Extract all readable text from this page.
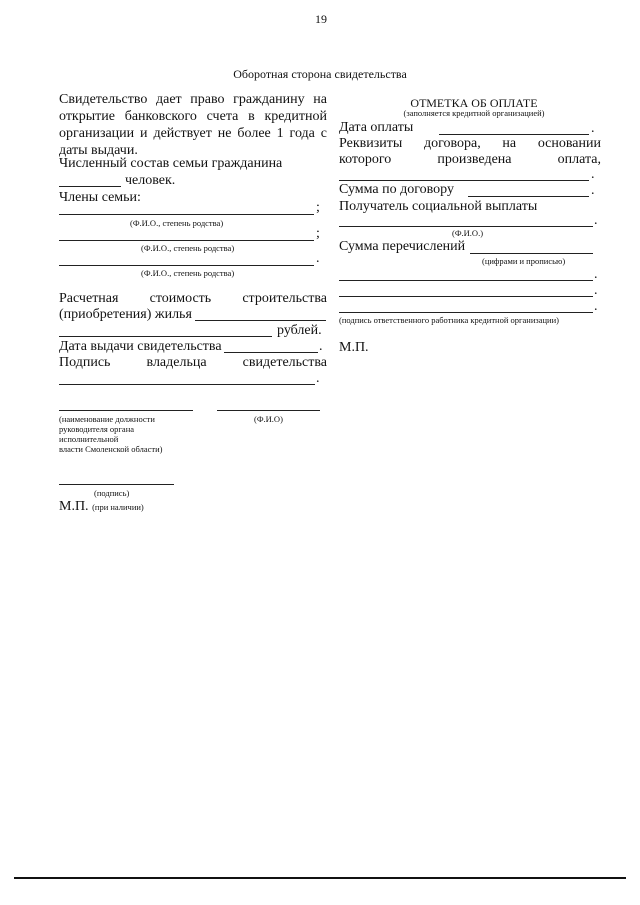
19
Оборотная сторона свидетельства
Свидетельство дает право гражданину на
открытие банковского счета в кредитной
организации и действует не более 1 года с
даты выдачи.
Численный состав семьи гражданина
человек.
Члены семьи:
;
(Ф.И.О., степень родства)
;
(Ф.И.О., степень родства)
.
(Ф.И.О., степень родства)
Расчетная стоимость строительства
(приобретения) жилья
рублей.
Дата выдачи свидетельства	.
Подпись владельца свидетельства
.
(наименование должности
руководителя органа
исполнительной
власти Смоленской области)
(Ф.И.О)
(подпись)
М.П. (при наличии)
ОТМЕТКА ОБ ОПЛАТЕ
(заполняется кредитной организацией)
Дата оплаты	.
Реквизиты договора, на основании
которого произведена оплата,
.
Сумма по договору	.
Получатель социальной выплаты
.
(Ф.И.О.)
Сумма перечислений
(цифрами и прописью)
.
.
.
(подпись ответственного работника кредитной организации)
М.П.
